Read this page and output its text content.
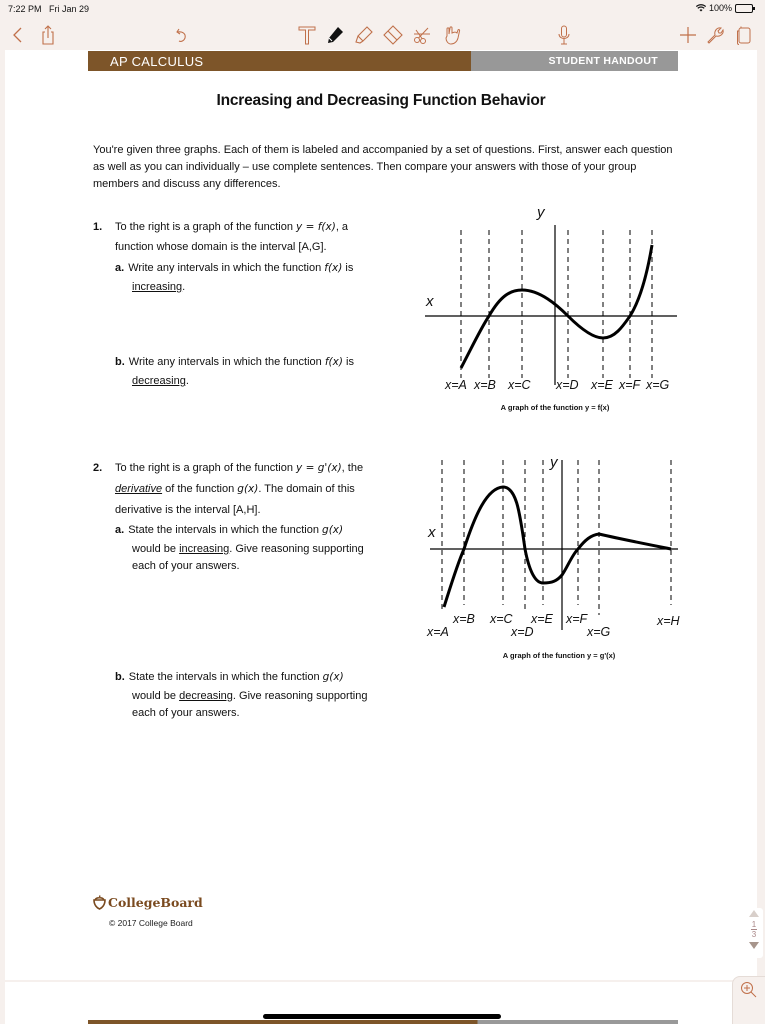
7:22 PM Fri Jan 29	100%
AP CALCULUS	STUDENT HANDOUT
Increasing and Decreasing Function Behavior
You're given three graphs. Each of them is labeled and accompanied by a set of questions. First, answer each question as well as you can individually – use complete sentences. Then compare your answers with those of your group members and discuss any differences.
1. To the right is a graph of the function y = f(x), a
function whose domain is the interval [A,G].
a. Write any intervals in which the function f(x) is
increasing.
b. Write any intervals in which the function f(x) is
decreasing.
x
y
x=A x=B x=C x=D x=E x=F x=G
A graph of the function y = f(x)
2. To the right is a graph of the function y = g'(x), the
derivative of the function g(x). The domain of this
derivative is the interval [A,H].
a. State the intervals in which the function g(x)
would be increasing. Give reasoning supporting
each of your answers.
b. State the intervals in which the function g(x)
would be decreasing. Give reasoning supporting
each of your answers.
x
y
x=A
x=B x=C
x=D
x=E x=F
x=G
x=H
A graph of the function y = g'(x)
CollegeBoard
© 2017 College Board	1
3
